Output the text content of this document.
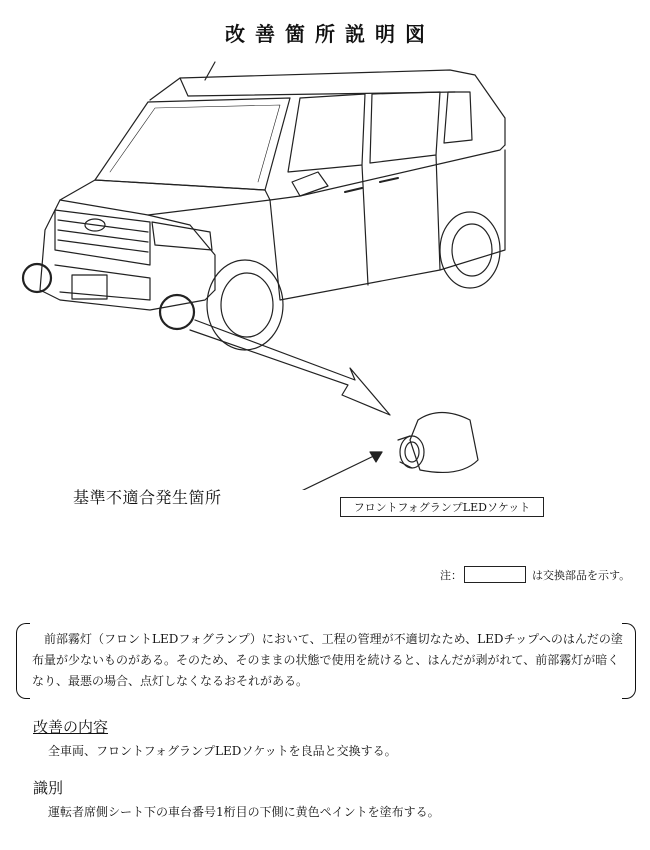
改善箇所説明図
基準不適合発生箇所
フロントフォグランプLEDソケット
注：	は交換部品を示す。
前部霧灯（フロントLEDフォグランプ）において、工程の管理が不適切なため、LEDチップへのはんだの塗布量が少ないものがある。そのため、そのままの状態で使用を続けると、はんだが剥がれて、前部霧灯が暗くなり、最悪の場合、点灯しなくなるおそれがある。
改善の内容
全車両、フロントフォグランプLEDソケットを良品と交換する。
識別
運転者席側シート下の車台番号1桁目の下側に黄色ペイントを塗布する。
